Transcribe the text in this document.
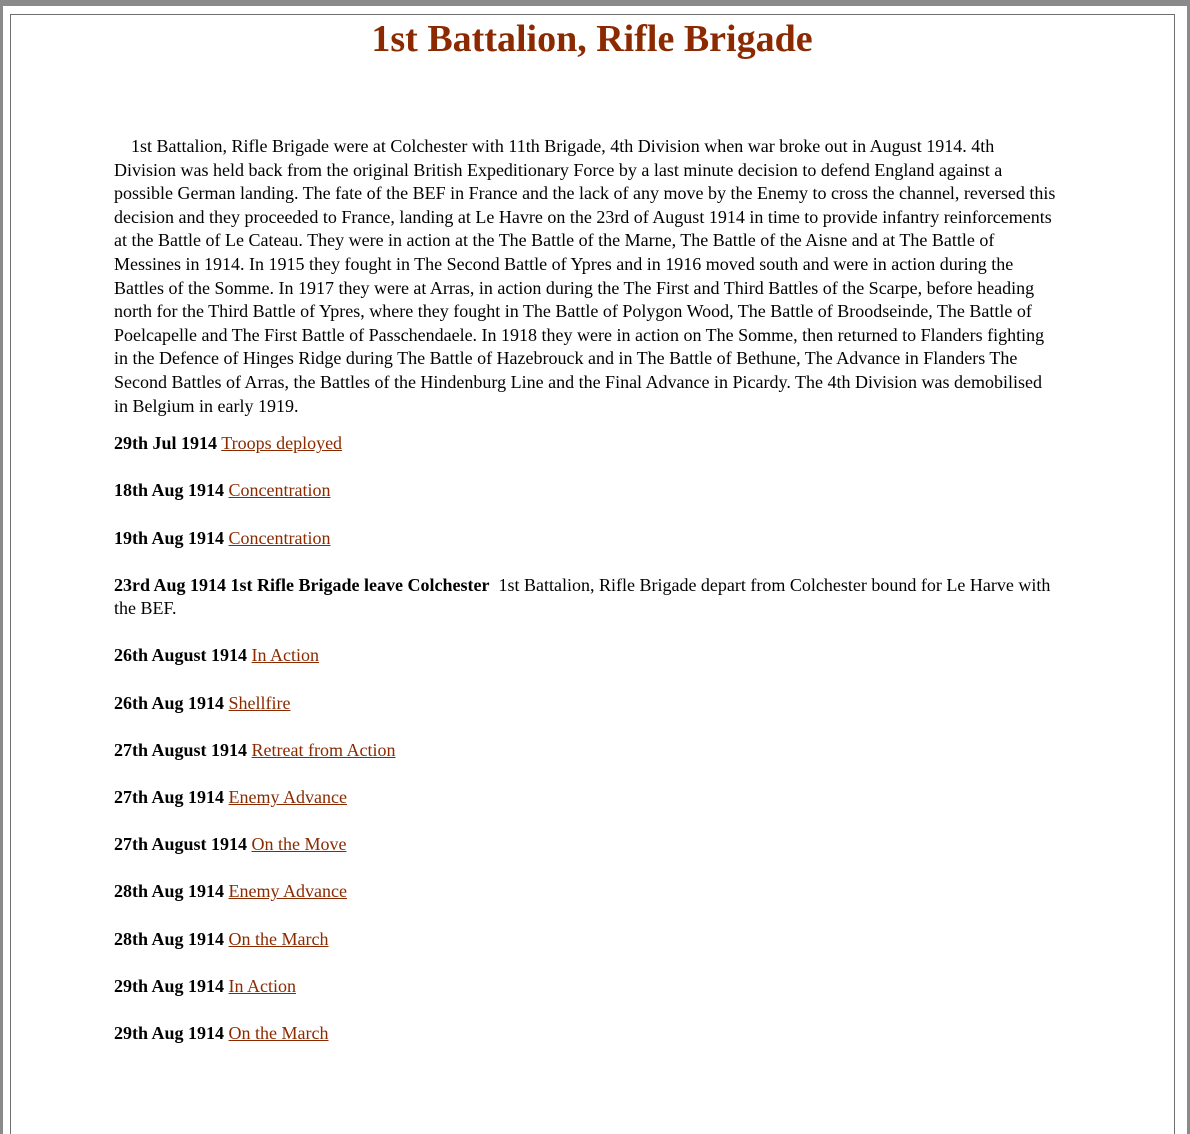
1st Battalion, Rifle Brigade

1st Battalion, Rifle Brigade were at Colchester with 11th Brigade, 4th Division when war broke out in August 1914. 4th Division was held back from the original British Expeditionary Force by a last minute decision to defend England against a possible German landing. The fate of the BEF in France and the lack of any move by the Enemy to cross the channel, reversed this decision and they proceeded to France, landing at Le Havre on the 23rd of August 1914 in time to provide infantry reinforcements at the Battle of Le Cateau. They were in action at the The Battle of the Marne, The Battle of the Aisne and at The Battle of Messines in 1914. In 1915 they fought in The Second Battle of Ypres and in 1916 moved south and were in action during the Battles of the Somme. In 1917 they were at Arras, in action during the The First and Third Battles of the Scarpe, before heading north for the Third Battle of Ypres, where they fought in The Battle of Polygon Wood, The Battle of Broodseinde, The Battle of Poelcapelle and The First Battle of Passchendaele. In 1918 they were in action on The Somme, then returned to Flanders fighting in the Defence of Hinges Ridge during The Battle of Hazebrouck and in The Battle of Bethune, The Advance in Flanders The Second Battles of Arras, the Battles of the Hindenburg Line and the Final Advance in Picardy. The 4th Division was demobilised in Belgium in early 1919.

29th Jul 1914 Troops deployed

18th Aug 1914 Concentration

19th Aug 1914 Concentration

23rd Aug 1914 1st Rifle Brigade leave Colchester 1st Battalion, Rifle Brigade depart from Colchester bound for Le Harve with the BEF.

26th August 1914 In Action

26th Aug 1914 Shellfire

27th August 1914 Retreat from Action

27th Aug 1914 Enemy Advance

27th August 1914 On the Move

28th Aug 1914 Enemy Advance

28th Aug 1914 On the March

29th Aug 1914 In Action

29th Aug 1914 On the March
